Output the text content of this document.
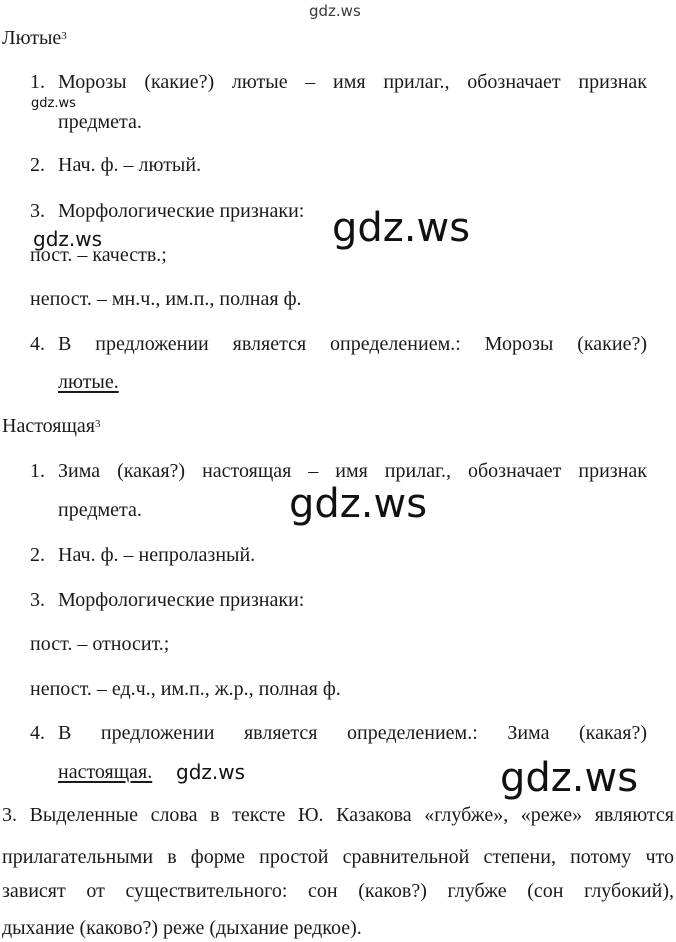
gdz.ws
gdz.ws
gdz.ws
gdz.ws
gdz.ws
gdz.ws	gdz.ws
Лютые$^3$
1. Морозы (какие?) лютые – имя прилаг., обозначает признак
предмета.
2. Нач. ф. – лютый.
3. Морфологические признаки:
пост. – качеств.;
непост. – мн.ч., им.п., полная ф.
4. В предложении является определением.: Морозы (какие?)
лютые.
Настоящая$^3$
1. Зима (какая?) настоящая – имя прилаг., обозначает признак
предмета.
2. Нач. ф. – непролазный.
3. Морфологические признаки:
пост. – относит.;
непост. – ед.ч., им.п., ж.р., полная ф.
4. В предложении является определением.: Зима (какая?)
настоящая.
3. Выделенные слова в тексте Ю. Казакова «глубже», «реже» являются
прилагательными в форме простой сравнительной степени, потому что
зависят от существительного: сон (каков?) глубже (сон глубокий),
дыхание (каково?) реже (дыхание редкое).
